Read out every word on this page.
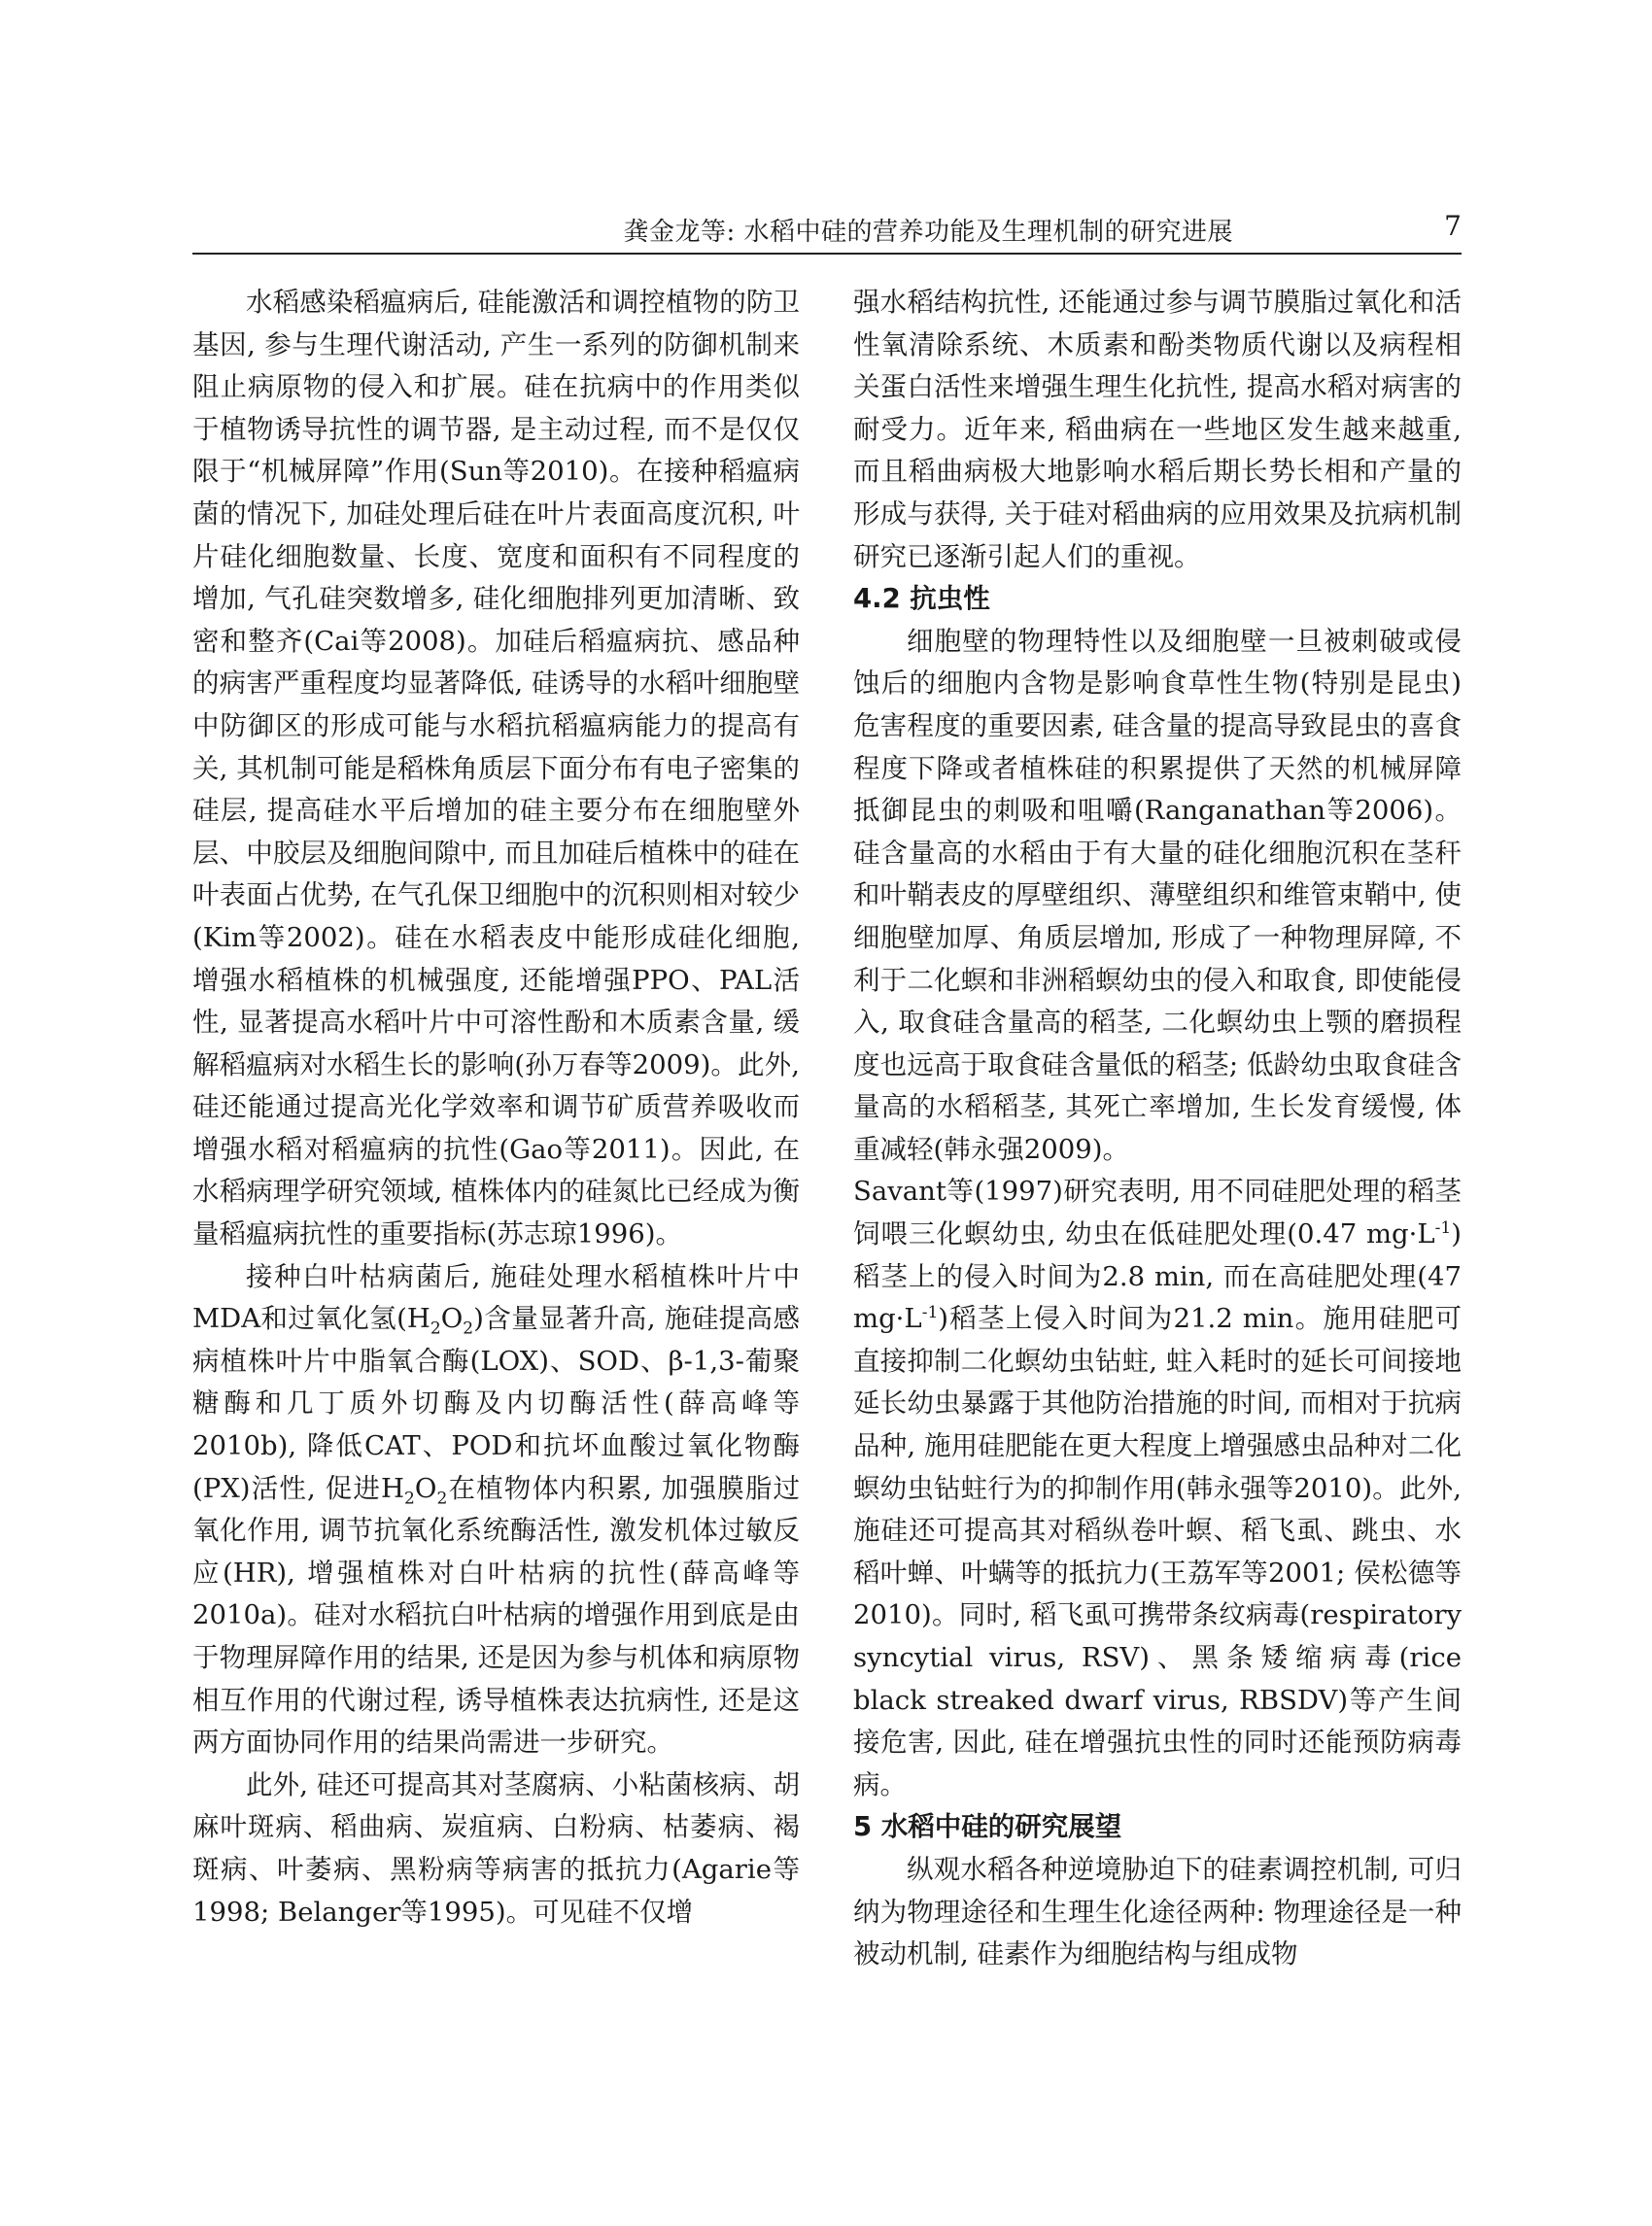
龚金龙等: 水稻中硅的营养功能及生理机制的研究进展	7

水稻感染稻瘟病后, 硅能激活和调控植物的防卫基因, 参与生理代谢活动, 产生一系列的防御机制来阻止病原物的侵入和扩展。硅在抗病中的作用类似于植物诱导抗性的调节器, 是主动过程, 而不是仅仅限于“机械屏障”作用(Sun等2010)。在接种稻瘟病菌的情况下, 加硅处理后硅在叶片表面高度沉积, 叶片硅化细胞数量、长度、宽度和面积有不同程度的增加, 气孔硅突数增多, 硅化细胞排列更加清晰、致密和整齐(Cai等2008)。加硅后稻瘟病抗、感品种的病害严重程度均显著降低, 硅诱导的水稻叶细胞壁中防御区的形成可能与水稻抗稻瘟病能力的提高有关, 其机制可能是稻株角质层下面分布有电子密集的硅层, 提高硅水平后增加的硅主要分布在细胞壁外层、中胶层及细胞间隙中, 而且加硅后植株中的硅在叶表面占优势, 在气孔保卫细胞中的沉积则相对较少(Kim等2002)。硅在水稻表皮中能形成硅化细胞, 增强水稻植株的机械强度, 还能增强PPO、PAL活性, 显著提高水稻叶片中可溶性酚和木质素含量, 缓解稻瘟病对水稻生长的影响(孙万春等2009)。此外, 硅还能通过提高光化学效率和调节矿质营养吸收而增强水稻对稻瘟病的抗性(Gao等2011)。因此, 在水稻病理学研究领域, 植株体内的硅氮比已经成为衡量稻瘟病抗性的重要指标(苏志琼1996)。

接种白叶枯病菌后, 施硅处理水稻植株叶片中MDA和过氧化氢$(H_2O_2)$含量显著升高, 施硅提高感病植株叶片中脂氧合酶(LOX)、SOD、β-1,3-葡聚糖酶和几丁质外切酶及内切酶活性(薛高峰等2010b), 降低CAT、POD和抗坏血酸过氧化物酶(PX)活性, 促进$H_2O_2$在植物体内积累, 加强膜脂过氧化作用, 调节抗氧化系统酶活性, 激发机体过敏反应(HR), 增强植株对白叶枯病的抗性(薛高峰等2010a)。硅对水稻抗白叶枯病的增强作用到底是由于物理屏障作用的结果, 还是因为参与机体和病原物相互作用的代谢过程, 诱导植株表达抗病性, 还是这两方面协同作用的结果尚需进一步研究。

此外, 硅还可提高其对茎腐病、小粘菌核病、胡麻叶斑病、稻曲病、炭疽病、白粉病、枯萎病、褐斑病、叶萎病、黑粉病等病害的抵抗力(Agarie等1998; Belanger等1995)。可见硅不仅增

强水稻结构抗性, 还能通过参与调节膜脂过氧化和活性氧清除系统、木质素和酚类物质代谢以及病程相关蛋白活性来增强生理生化抗性, 提高水稻对病害的耐受力。近年来, 稻曲病在一些地区发生越来越重, 而且稻曲病极大地影响水稻后期长势长相和产量的形成与获得, 关于硅对稻曲病的应用效果及抗病机制研究已逐渐引起人们的重视。

4.2 抗虫性

细胞壁的物理特性以及细胞壁一旦被刺破或侵蚀后的细胞内含物是影响食草性生物(特别是昆虫)危害程度的重要因素, 硅含量的提高导致昆虫的喜食程度下降或者植株硅的积累提供了天然的机械屏障抵御昆虫的刺吸和咀嚼(Ranganathan等2006)。硅含量高的水稻由于有大量的硅化细胞沉积在茎秆和叶鞘表皮的厚壁组织、薄壁组织和维管束鞘中, 使细胞壁加厚、角质层增加, 形成了一种物理屏障, 不利于二化螟和非洲稻螟幼虫的侵入和取食, 即使能侵入, 取食硅含量高的稻茎, 二化螟幼虫上颚的磨损程度也远高于取食硅含量低的稻茎; 低龄幼虫取食硅含量高的水稻稻茎, 其死亡率增加, 生长发育缓慢, 体重减轻(韩永强2009)。

Savant等(1997)研究表明, 用不同硅肥处理的稻茎饲喂三化螟幼虫, 幼虫在低硅肥处理(0.47 $mg\cdot L^{-1}$)稻茎上的侵入时间为2.8 min, 而在高硅肥处理(47 $mg\cdot L^{-1}$)稻茎上侵入时间为21.2 min。施用硅肥可直接抑制二化螟幼虫钻蛀, 蛀入耗时的延长可间接地延长幼虫暴露于其他防治措施的时间, 而相对于抗病品种, 施用硅肥能在更大程度上增强感虫品种对二化螟幼虫钻蛀行为的抑制作用(韩永强等2010)。此外, 施硅还可提高其对稻纵卷叶螟、稻飞虱、跳虫、水稻叶蝉、叶螨等的抵抗力(王荔军等2001; 侯松德等2010)。同时, 稻飞虱可携带条纹病毒(respiratory syncytial virus, RSV)、黑条矮缩病毒(rice black streaked dwarf virus, RBSDV)等产生间接危害, 因此, 硅在增强抗虫性的同时还能预防病毒病。

5 水稻中硅的研究展望

纵观水稻各种逆境胁迫下的硅素调控机制, 可归纳为物理途径和生理生化途径两种: 物理途径是一种被动机制, 硅素作为细胞结构与组成物
